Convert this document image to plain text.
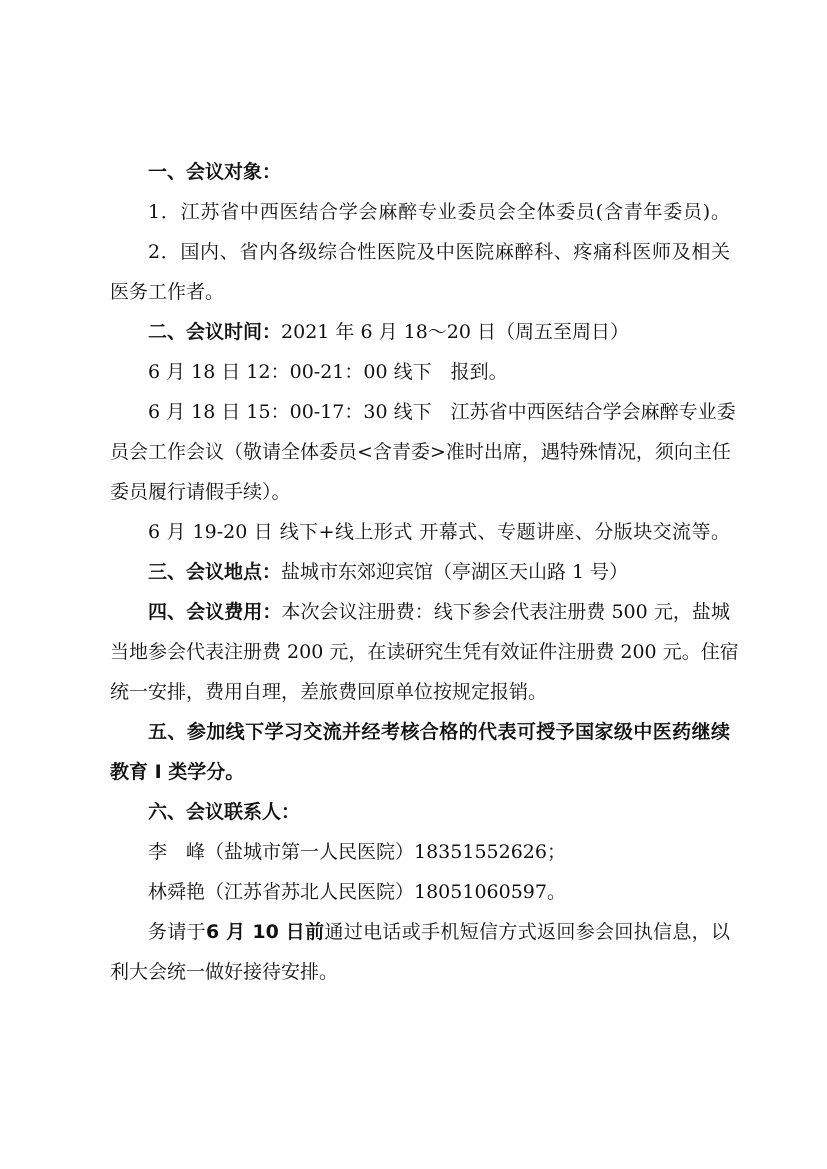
一、会议对象：
1．江苏省中西医结合学会麻醉专业委员会全体委员(含青年委员)。
2．国内、省内各级综合性医院及中医院麻醉科、疼痛科医师及相关
医务工作者。
二、会议时间：2021 年 6 月 18～20 日（周五至周日）
6 月 18 日 12：00-21：00 线下　报到。
6 月 18 日 15：00-17：30 线下　江苏省中西医结合学会麻醉专业委
员会工作会议（敬请全体委员<含青委>准时出席，遇特殊情况，须向主任
委员履行请假手续）。
6 月 19-20 日 线下+线上形式 开幕式、专题讲座、分版块交流等。
三、会议地点：盐城市东郊迎宾馆（亭湖区天山路 1 号）
四、会议费用：本次会议注册费：线下参会代表注册费 500 元，盐城
当地参会代表注册费 200 元，在读研究生凭有效证件注册费 200 元。住宿
统一安排，费用自理，差旅费回原单位按规定报销。
五、参加线下学习交流并经考核合格的代表可授予国家级中医药继续
教育 I 类学分。
六、会议联系人：
李　峰（盐城市第一人民医院）18351552626；
林舜艳（江苏省苏北人民医院）18051060597。
务请于6 月 10 日前通过电话或手机短信方式返回参会回执信息，以
利大会统一做好接待安排。
